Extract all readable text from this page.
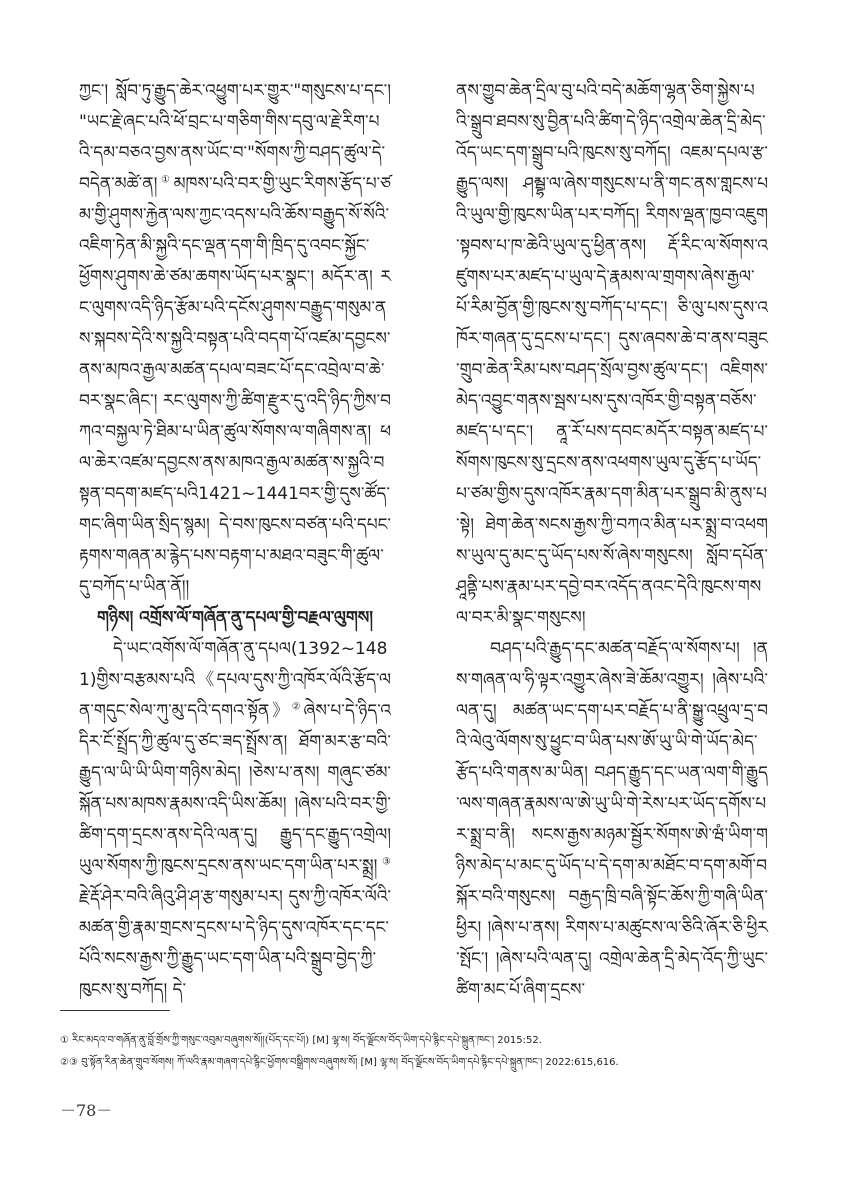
ཀྱང་། སློབ་ཏུ་རྒྱུད་ཆེར་འཕྱུག་པར་གྱུར་"གསུངས་པ་དང་། "ཡང་རྗེ་ཞང་པའི་ཕོ་བྲང་པ་གཅིག་གིས་དབུ་ལ་རྗེ་རིག་པའི་དམ་བཅའ་བྱས་ནས་ཡོང་བ་"སོགས་ཀྱི་བཤད་ཚུལ་དེ་བདེན་མཚེ་ན།①མཁས་པའི་བར་གྱི་ཡུང་རིགས་རྩོད་པ་ཙམ་གྱི་ཤུགས་རྐྱེན་ལས་ཀྱང་འདས་པའི་ཆོས་བརྒྱུད་སོ་སོའི་འཇིག་ཏེན་མི་སྐྱའི་དང་ལྡན་དག་གི་ཁྲིད་དུ་འབང་སྐྱོང་ཕྱོགས་ཤུགས་ཆེ་ཙམ་ཆགས་ཡོད་པར་སྣང་། མདོར་ན། རང་ལུགས་འདི་ཉིད་རྩོམ་པའི་དངོས་ཤུགས་བརྒྱུད་གསུམ་ནས་སྐབས་དེའི་ས་སྐྱའི་བསྟན་པའི་བདག་པོ་འཛམ་དབྱངས་ནས་མཁའ་རྒྱལ་མཚན་དཔལ་བཟང་པོ་དང་འབྲེལ་བ་ཆེ་བར་སྣང་ཞིང་། རང་ལུགས་ཀྱི་ཚིག་རྫུར་དུ་འདི་ཉིད་ཀྱིས་བཀའ་བསྐྱལ་ཏེ་ཐིམ་པ་ཡིན་ཚུལ་སོགས་ལ་གཞིགས་ན། ཕལ་ཆེར་འཛམ་དབྱངས་ནས་མཁའ་རྒྱལ་མཚན་ས་སྐྱའི་བསྟན་བདག་མཛད་པའི1421~1441བར་གྱི་དུས་ཚོད་གང་ཞིག་ཡིན་སྲིད་སྙམ། དེ་བས་ཁུངས་བཙན་པའི་དཔང་རྟགས་གཞན་མ་རྙེད་པས་བརྟག་པ་མཐའ་བཟུང་གི་ཚུལ་དུ་བཀོད་པ་ཡིན་ནོ།།

གཉིས། འགྲོས་ལོ་གཞོན་ནུ་དཔལ་གྱི་བརྗལ་ལུགས།

དེ་ཡང་འགོས་ལོ་གཞོན་ནུ་དཔལ(1392~1481)གྱིས་བརྩམས་པའི《དཔལ་དུས་ཀྱི་འཁོར་ལོའི་རྩོད་ལན་གདུང་སེལ་ཀུ་མུ་དའི་དགའ་སྟོན》②ཞེས་པ་དེ་ཉིད་འདིར་ངོ་སྤྲོད་ཀྱི་ཚུལ་དུ་ཙང་ཟད་སྤྲོས་ན། ཐོག་མར་རྩ་བའི་རྒྱུད་ལ་ཡི་ཡི་ཡིག་གཉིས་མེད། །ཅེས་པ་ནས། གཞུང་ཙམ་སྐོན་པས་མཁས་རྣམས་འདི་ཡིས་ཆོམ། །ཞེས་པའི་བར་གྱི་ཚིག་དག་དྲངས་ནས་དེའི་ལན་དུ། རྒྱུད་དང་རྒྱུད་འགྲེལ། ཡུལ་སོགས་ཀྱི་ཁུངས་དྲངས་ནས་ཡང་དག་ཡིན་པར་སྨྲ།③རྗེ་རྡོ་ཤེར་བའི་ཞིའུ་ཤི་ཤ་རྩ་གསུམ་པར། དུས་ཀྱི་འཁོར་ལོའི་མཚན་གྱི་རྣམ་གྲངས་དྲངས་པ་དེ་ཉིད་དུས་འཁོར་དང་དང་པོའི་སངས་རྒྱས་ཀྱི་རྒྱུད་ཡང་དག་ཡིན་པའི་སྒྲུབ་བྱེད་ཀྱི་ཁུངས་སུ་བཀོད། དེ་

ནས་གྱུབ་ཆེན་དྲིལ་བུ་པའི་བདེ་མཆོག་ལྷན་ཅིག་སྐྱེས་པའི་སྒྲུབ་ཐབས་སུ་བྱིན་པའི་ཚིག་དེ་ཉིད་འགྲེལ་ཆེན་དྲི་མེད་འོད་ཡང་དག་སྒྲུབ་པའི་ཁུངས་སུ་བཀོད། འཇམ་དཔལ་རྩ་རྒྱུད་ལས། ཤམྦྷ་ལ་ཞེས་གསུངས་པ་ནི་གང་ནས་གླངས་པའི་ཡུལ་གྱི་ཁུངས་ཡིན་པར་བཀོད། རིགས་ལྡན་ཁྱབ་འཇུག་སྟབས་པ་ཁ་ཆེའི་ཡུལ་དུ་ཕྱིན་ནས། རྡོ་རིང་ལ་སོགས་འཛུགས་པར་མཛད་པ་ཡུལ་དེ་རྣམས་ལ་གྲགས་ཞེས་རྒྱལ་པོ་རིམ་བྱོན་གྱི་ཁུངས་སུ་བཀོད་པ་དང་། ཅི་ལུ་པས་དུས་འཁོར་གཞན་དུ་དྲངས་པ་དང་། དུས་ཞབས་ཆེ་བ་ནས་བཟུང་གྲུབ་ཆེན་རིམ་པས་བཤད་སྲོལ་བྱས་ཚུལ་དང་། འཇིགས་མེད་འབྱུང་གནས་སྦས་པས་དུས་འཁོར་གྱི་བསྟན་བཅོས་མཛད་པ་དང་། ནཱ་རོ་པས་དབང་མདོར་བསྟན་མཛད་པ་སོགས་ཁུངས་སུ་དྲངས་ནས་འཕགས་ཡུལ་དུ་རྩོད་པ་ཡོད་པ་ཙམ་གྱིས་དུས་འཁོར་རྣམ་དག་མིན་པར་སྒྲུབ་མི་ནུས་པ་སྟེ། ཐེག་ཆེན་སངས་རྒྱས་ཀྱི་བཀའ་མིན་པར་སྨྲ་བ་འཕགས་ཡུལ་དུ་མང་དུ་ཡོད་པས་སོ་ཞེས་གསུངས། སློབ་དཔོན་ཤཱནྟི་པས་རྣམ་པར་དབྱེ་བར་འདོད་ནའང་དེའི་ཁུངས་གསལ་བར་མི་སྣང་གསུངས།

བཤད་པའི་རྒྱུད་དང་མཚན་བརྗོད་ལ་སོགས་པ། །ནས་གཞན་ལ་ཧི་ལྟར་འགྱུར་ཞེས་ཟེ་ཆོམ་འགྱུར། །ཞེས་པའི་ལན་དུ། མཚན་ཡང་དག་པར་བརྗོད་པ་ནི་སྒྱུ་འཕྲུལ་དྲ་བའི་ལེའུ་ལོགས་སུ་ཕྱུང་བ་ཡིན་པས་ཨོ་ཡུ་ཡི་གེ་ཡོད་མེད་རྩོད་པའི་གནས་མ་ཡིན། བཤད་རྒྱུད་དང་ཡན་ལག་གི་རྒྱུད་ལས་གཞན་རྣམས་ལ་ཨེ་ཡུ་ཡི་གེ་རེས་པར་ཡོད་དགོས་པར་སྨྲ་བ་ནི། སངས་རྒྱས་མཉམ་སྦྱོར་སོགས་ཨེ་ཝཾ་ཡིག་གཉིས་མེད་པ་མང་དུ་ཡོད་པ་དེ་དག་མ་མཐོང་བ་དག་མགོ་བསྐོར་བའི་གསུངས། བརྒྱད་ཁྲི་བཞི་སྟོང་ཆོས་ཀྱི་གཞི་ཡིན་ཕྱིར། །ཞེས་པ་ནས། རིགས་པ་མཚུངས་ལ་ཅིའི་ཞོར་ཅི་ཕྱིར་སྤོང་། །ཞེས་པའི་ལན་དུ། འགྲེལ་ཆེན་དྲི་མེད་འོད་ཀྱི་ཡུང་ཚིག་མང་པོ་ཞིག་དྲངས་

① རིང་མདའ་བ་གཞོན་ནུ་བློ་གྲོས་ཀྱི་གསུང་འབུམ་བཞུགས་སོ།།(པོད་དང་པོ།) [M] ལྷ་ས། བོད་ལྗོངས་བོད་ཡིག་དཔེ་རྙིང་དཔེ་སྐྲུན་ཁང་། 2015:52.
②③ བུ་སྟོན་རིན་ཆེན་གྲུབ་སོགས། ཀོ་ལའི་རྣམ་གཞག་དཔེ་རྙིང་ཕྱོགས་བསྒྲིགས་བཞུགས་སོ། [M] ལྷ་ས། བོད་ལྗོངས་བོད་ཡིག་དཔེ་རྙིང་དཔེ་སྐྲུན་ཁང་། 2022:615,616.
－78－
